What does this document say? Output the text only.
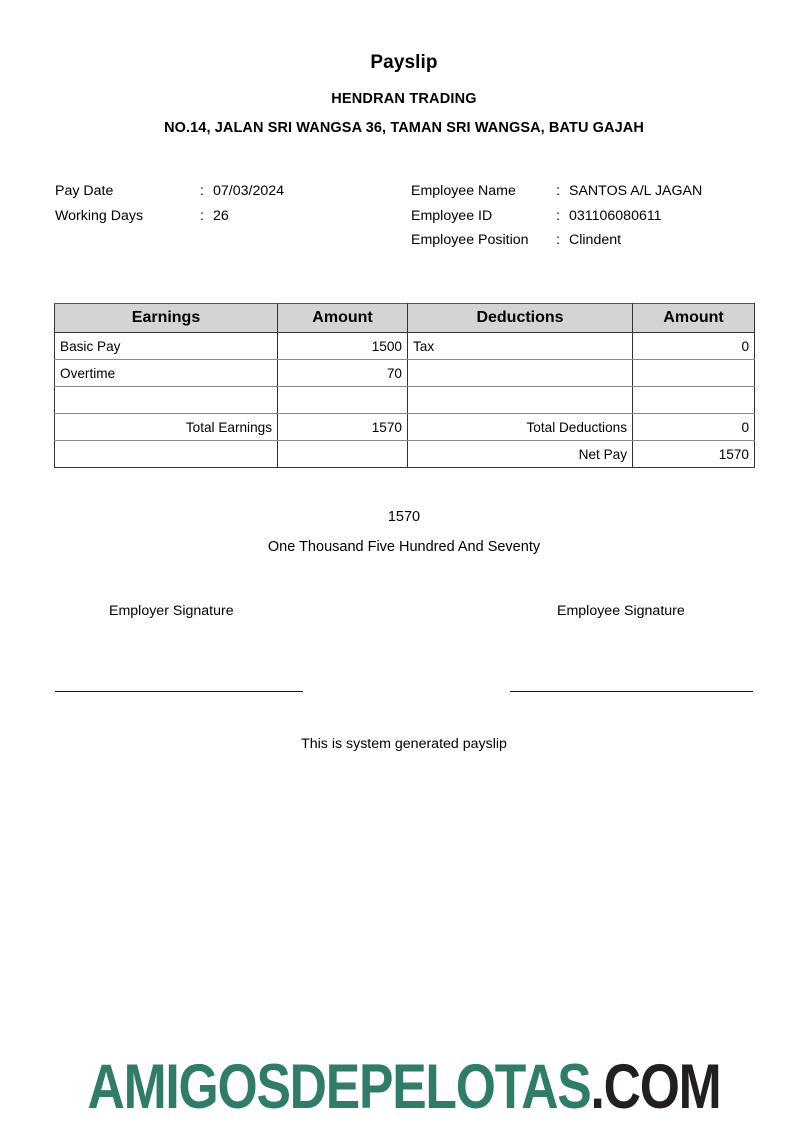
Payslip
HENDRAN TRADING
NO.14, JALAN SRI WANGSA 36, TAMAN SRI WANGSA, BATU GAJAH
Pay Date	: 07/03/2024
Working Days	: 26
Employee Name	: SANTOS A/L JAGAN
Employee ID	: 031106080611
Employee Position	: Clindent
Earnings	Amount	Deductions	Amount
Basic Pay	1500	Tax	0
Overtime	70		

Total Earnings	1570	Total Deductions	0
		Net Pay	1570
1570
One Thousand Five Hundred And Seventy
Employer Signature	Employee Signature
This is system generated payslip
AMIGOSDEPELOTAS.COM
